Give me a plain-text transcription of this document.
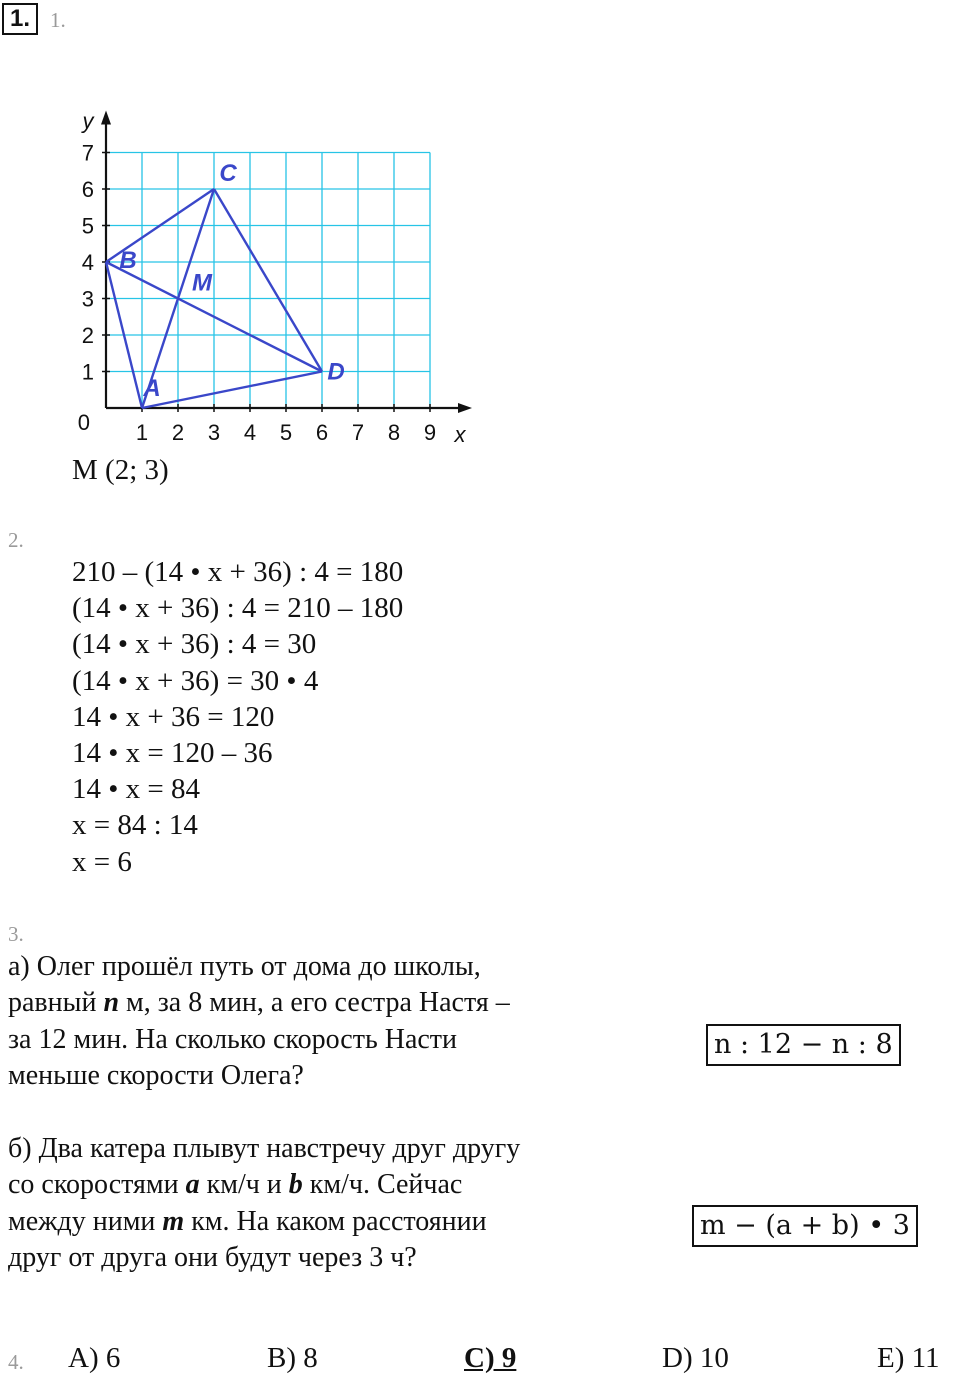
1. 1.
1 2 3 4 5 6 7 8 9
1
2
3
4
5
6
7
0	x
y
A
B
C
D
M
M (2; 3)
2.
210 – (14 • x + 36) : 4 = 180
(14 • x + 36) : 4 = 210 – 180
(14 • x + 36) : 4 = 30
(14 • x + 36) = 30 • 4
14 • x + 36 = 120
14 • x = 120 – 36
14 • x = 84
x = 84 : 14
x = 6
3.
а) Олег прошёл путь от дома до школы, равный n м, за 8 мин, а его сестра Настя – за 12 мин. На сколько скорость Насти меньше скорости Олега?
n : 12 − n : 8
б) Два катера плывут навстречу друг другу со скоростями a км/ч и b км/ч. Сейчас между ними m км. На каком расстоянии друг от друга они будут через 3 ч?
m − (a + b) • 3
4. A) 6	B) 8	C) 9	D) 10	E) 11
